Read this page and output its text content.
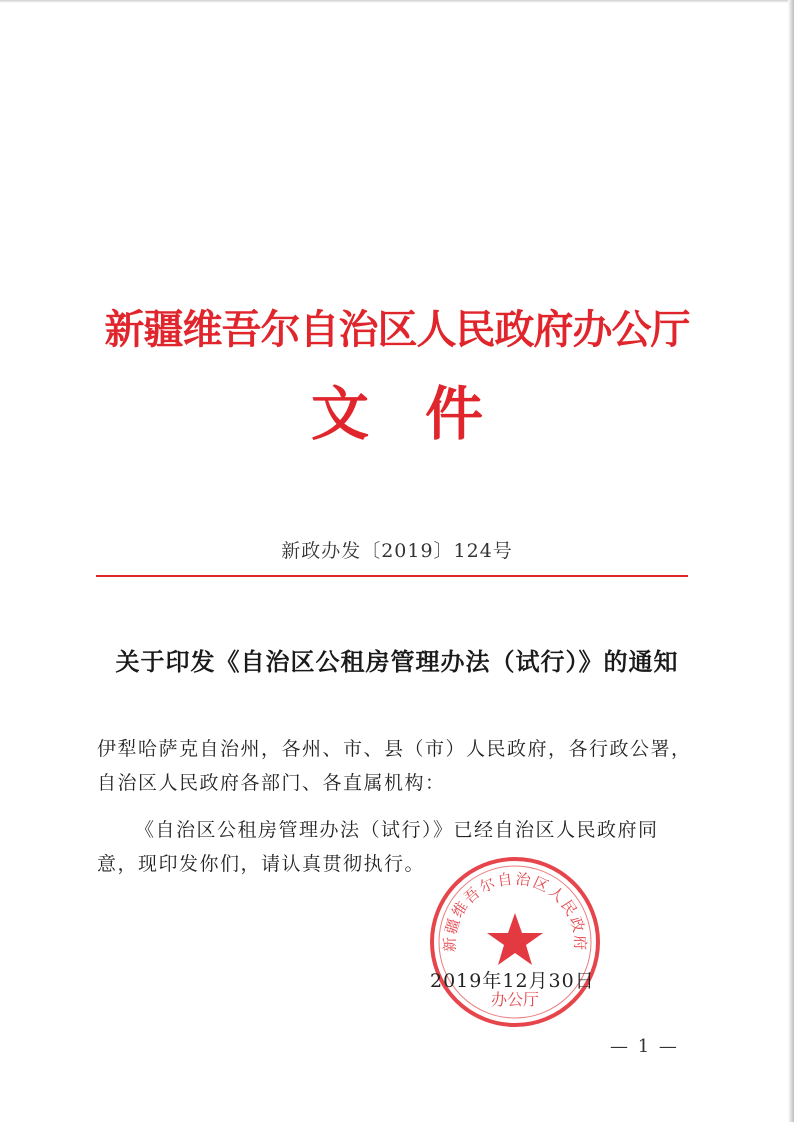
新疆维吾尔自治区人民政府办公厅
文 件
新政办发〔2019〕124号
关于印发《自治区公租房管理办法（试行）》的通知
伊犁哈萨克自治州，各州、市、县（市）人民政府，各行政公署，自治区人民政府各部门、各直属机构：
《自治区公租房管理办法（试行）》已经自治区人民政府同意，现印发你们，请认真贯彻执行。
新疆维吾尔自治区人民政府
办公厅
2019年12月30日
— 1 —
